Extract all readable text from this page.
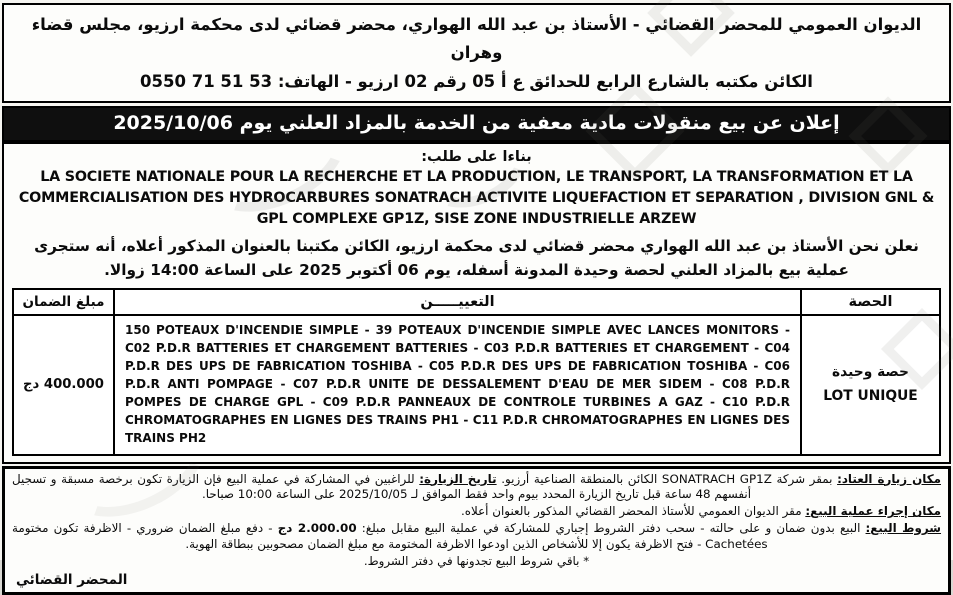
الديوان العمومي للمحضر القضائي - الأستاذ بن عبد الله الهواري، محضر قضائي لدى محكمة ارزيو، مجلس قضاء وهران
الكائن مكتبه بالشارع الرابع للحدائق ع أ 05 رقم 02 ارزيو - الهاتف: 0550 71 51 53
إعلان عن بيع منقولات مادية معفية من الخدمة بالمزاد العلني يوم 2025/10/06

بناءا على طلب:

LA SOCIETE NATIONALE POUR LA RECHERCHE ET LA PRODUCTION, LE TRANSPORT, LA TRANSFORMATION ET LA COMMERCIALISATION DES HYDROCARBURES SONATRACH ACTIVITE LIQUEFACTION ET SEPARATION , DIVISION GNL & GPL COMPLEXE GP1Z, SISE ZONE INDUSTRIELLE ARZEW

نعلن نحن الأستاذ بن عبد الله الهواري محضر قضائي لدى محكمة ارزيو، الكائن مكتبنا بالعنوان المذكور أعلاه، أنه ستجرى عملية بيع بالمزاد العلني لحصة وحيدة المدونة أسفله، يوم 06 أكتوبر 2025 على الساعة 14:00 زوالا.

الحصة	التعييـــــن	مبلغ الضمان

حصة وحيدة
LOT UNIQUE	150 POTEAUX D'INCENDIE SIMPLE - 39 POTEAUX D'INCENDIE SIMPLE AVEC LANCES MONITORS - C02 P.D.R BATTERIES ET CHARGEMENT BATTERIES - C03 P.D.R BATTERIES ET CHARGEMENT - C04 P.D.R DES UPS DE FABRICATION TOSHIBA - C05 P.D.R DES UPS DE FABRICATION TOSHIBA - C06 P.D.R ANTI POMPAGE - C07 P.D.R UNITE DE DESSALEMENT D'EAU DE MER SIDEM - C08 P.D.R POMPES DE CHARGE GPL - C09 P.D.R PANNEAUX DE CONTROLE TURBINES A GAZ - C10 P.D.R CHROMATOGRAPHES EN LIGNES DES TRAINS PH1 - C11 P.D.R CHROMATOGRAPHES EN LIGNES DES TRAINS PH2	400.000 دج

مكان زيارة العتاد: بمقر شركة SONATRACH GP1Z الكائن بالمنطقة الصناعية أرزيو. تاريخ الزيارة: للراغبين في المشاركة في عملية البيع فإن الزيارة تكون برخصة مسبقة و تسجيل أنفسهم 48 ساعة قبل تاريخ الزيارة المحدد بيوم واحد فقط الموافق لـ 2025/10/05 على الساعة 10:00 صباحا.

مكان إجراء عملية البيع: مقر الديوان العمومي للأستاذ المحضر القضائي المذكور بالعنوان أعلاه.

شروط البيع: البيع بدون ضمان و على حالته - سحب دفتر الشروط إجباري للمشاركة في عملية البيع مقابل مبلغ: 2.000.00 دج - دفع مبلغ الضمان ضروري - الاظرفة تكون مختومة Cachetées - فتح الاظرفة يكون إلا للأشخاص الذين اودعوا الاظرفة المختومة مع مبلغ الضمان مصحوبين ببطاقة الهوية.

* باقي شروط البيع تجدونها في دفتر الشروط.

المحضر القضائي
